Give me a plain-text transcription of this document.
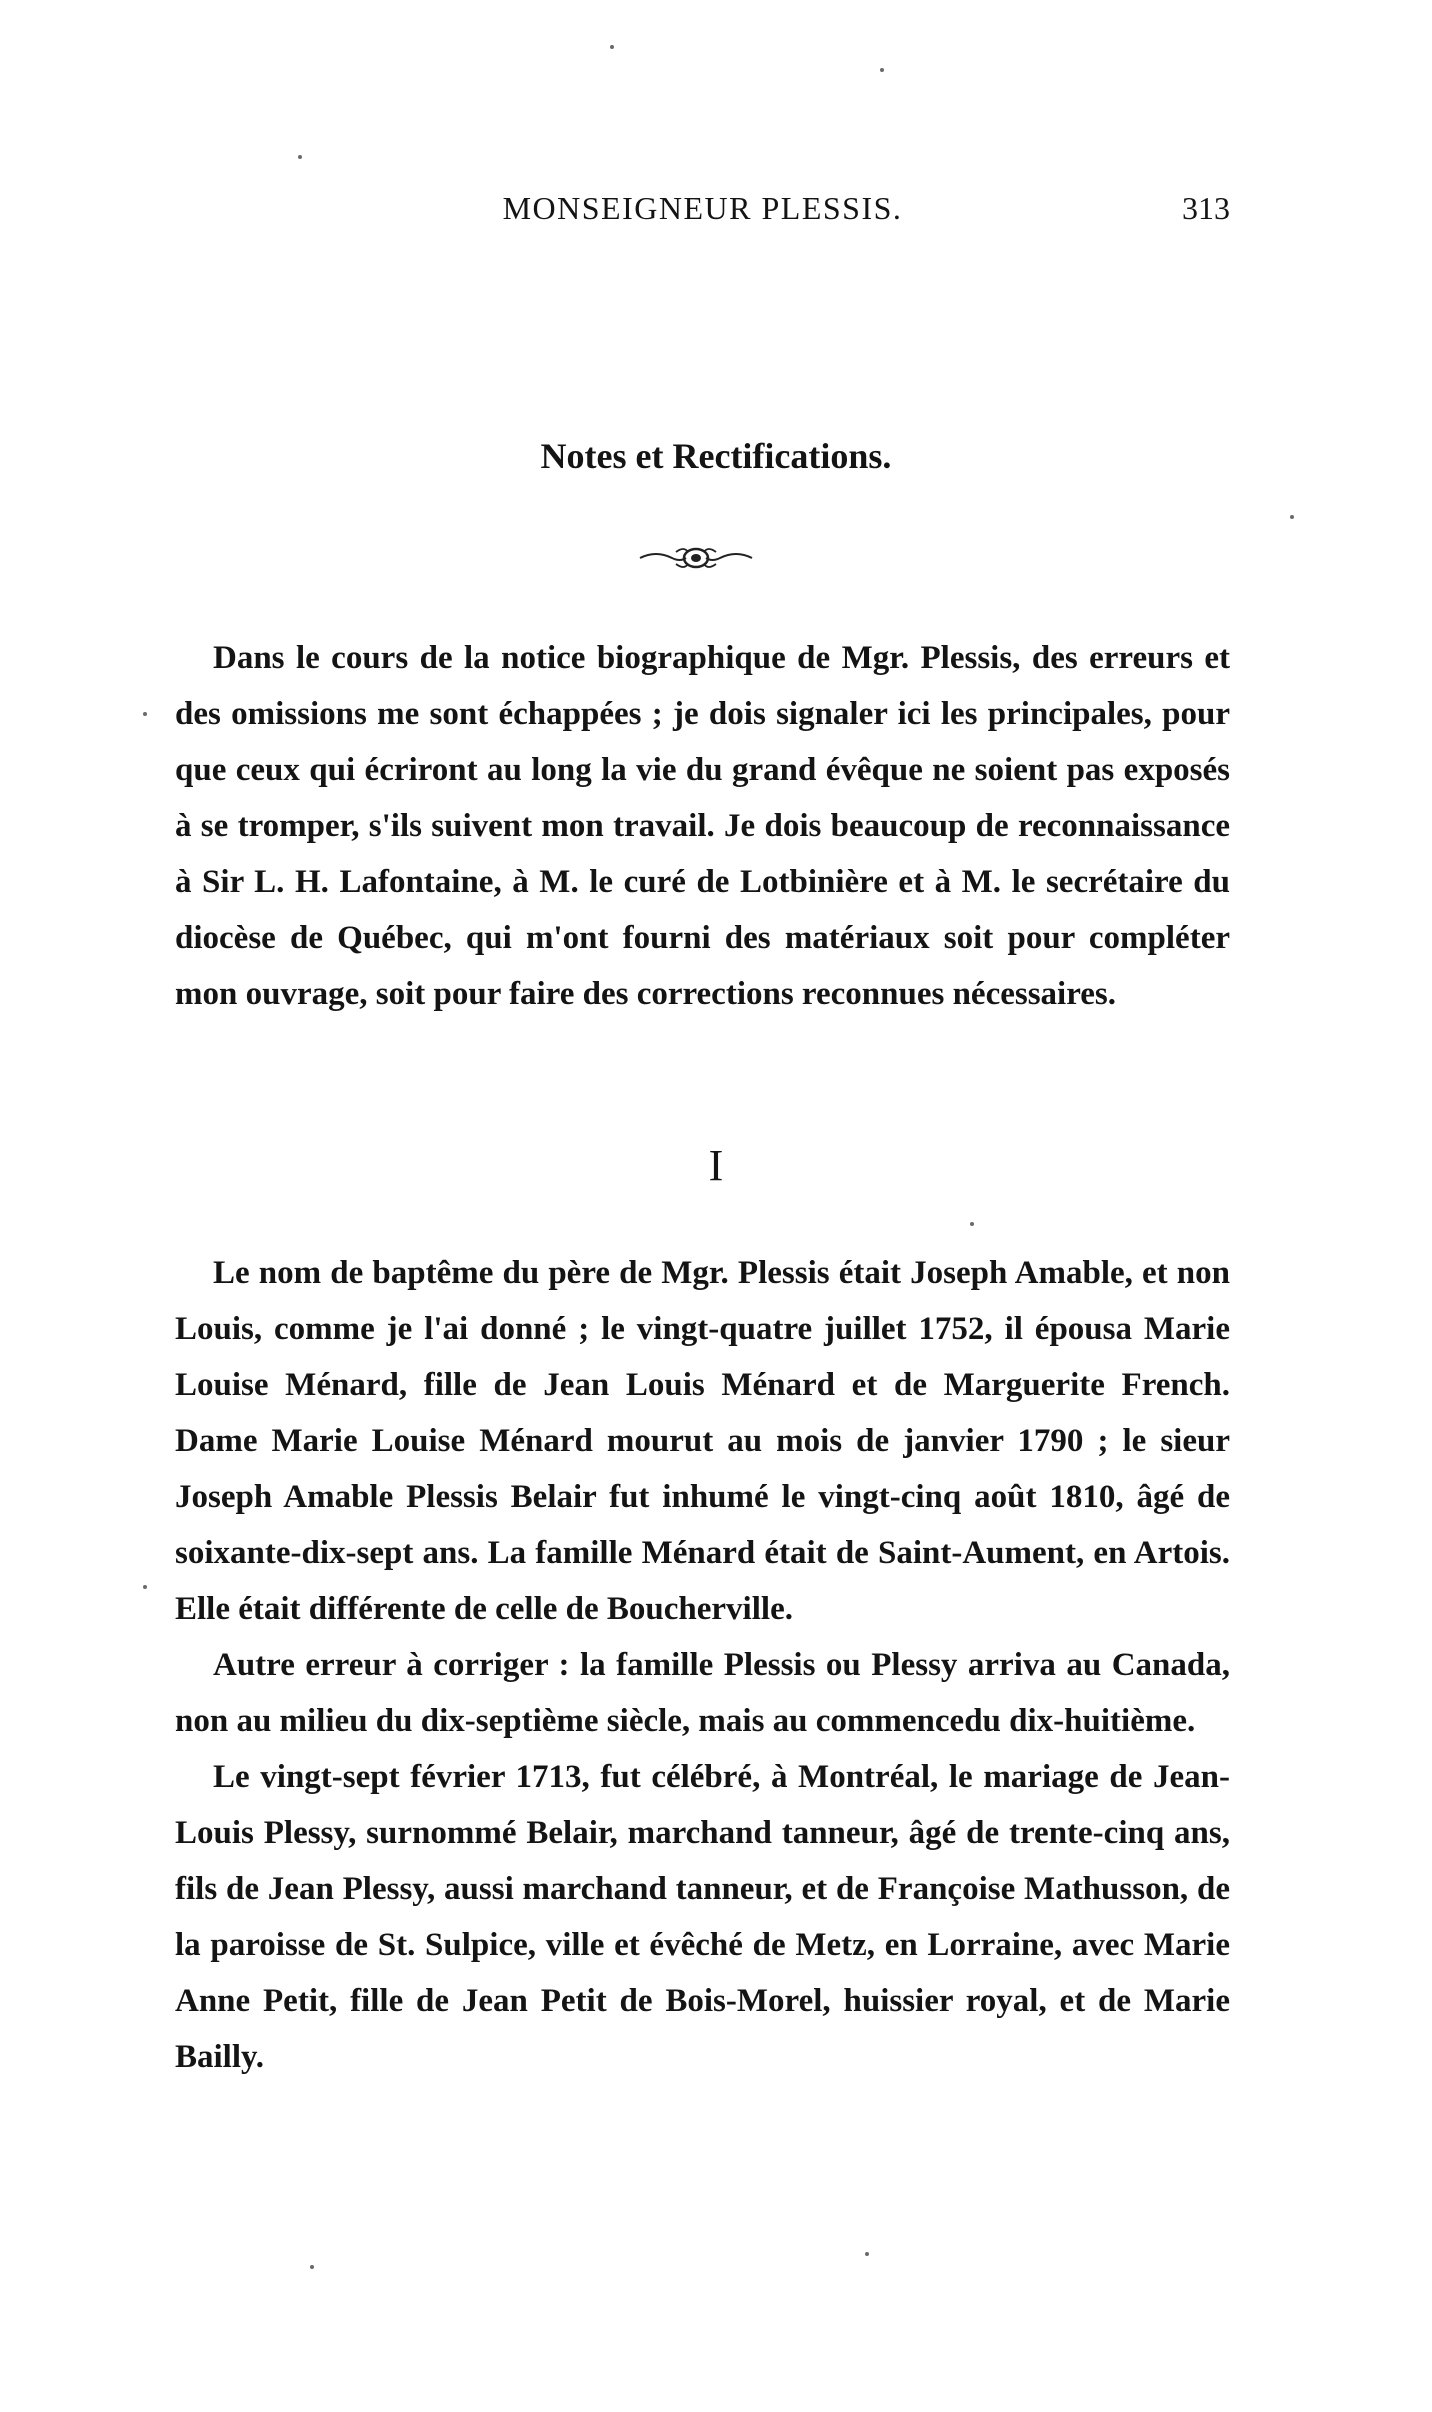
MONSEIGNEUR PLESSIS.	313
Notes et Rectifications.

Dans le cours de la notice biographique de Mgr. Plessis, des erreurs et des omissions me sont échappées ; je dois signaler ici les principales, pour que ceux qui écriront au long la vie du grand évêque ne soient pas exposés à se tromper, s'ils suivent mon travail. Je dois beaucoup de reconnaissance à Sir L. H. Lafontaine, à M. le curé de Lotbinière et à M. le secrétaire du diocèse de Québec, qui m'ont fourni des matériaux soit pour compléter mon ouvrage, soit pour faire des corrections reconnues nécessaires.

I

Le nom de baptême du père de Mgr. Plessis était Joseph Amable, et non Louis, comme je l'ai donné ; le vingt-quatre juillet 1752, il épousa Marie Louise Ménard, fille de Jean Louis Ménard et de Marguerite French. Dame Marie Louise Ménard mourut au mois de janvier 1790 ; le sieur Joseph Amable Plessis Belair fut inhumé le vingt-cinq août 1810, âgé de soixante-dix-sept ans. La famille Ménard était de Saint-Aument, en Artois. Elle était différente de celle de Boucherville.

Autre erreur à corriger : la famille Plessis ou Plessy arriva au Canada, non au milieu du dix-septième siècle, mais au commencedu dix-huitième.

Le vingt-sept février 1713, fut célébré, à Montréal, le mariage de Jean-Louis Plessy, surnommé Belair, marchand tanneur, âgé de trente-cinq ans, fils de Jean Plessy, aussi marchand tanneur, et de Françoise Mathusson, de la paroisse de St. Sulpice, ville et évêché de Metz, en Lorraine, avec Marie Anne Petit, fille de Jean Petit de Bois-Morel, huissier royal, et de Marie Bailly.
